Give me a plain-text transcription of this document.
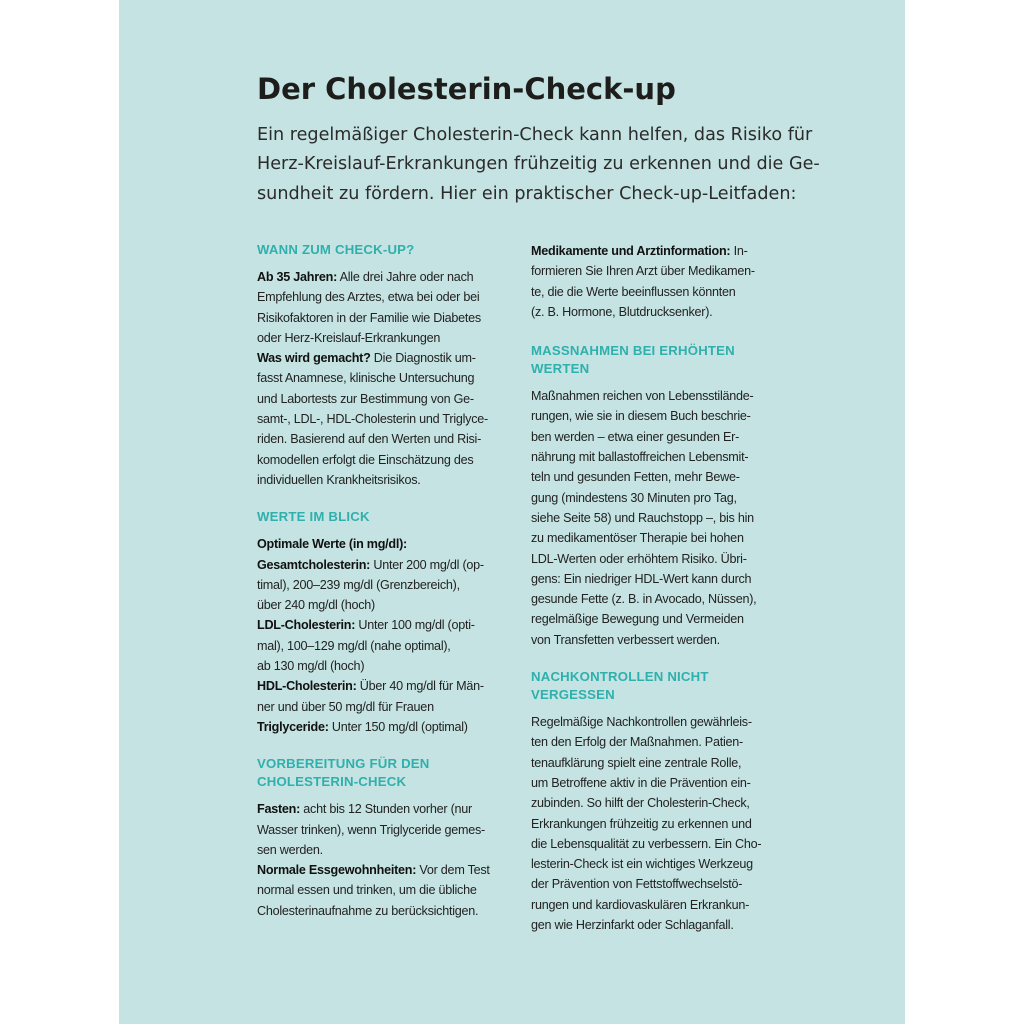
Der Cholesterin-Check-up

Ein regelmäßiger Cholesterin-Check kann helfen, das Risiko für
Herz-Kreislauf-Erkrankungen frühzeitig zu erkennen und die Ge-
sundheit zu fördern. Hier ein praktischer Check-up-Leitfaden:

WANN ZUM CHECK-UP?

Ab 35 Jahren: Alle drei Jahre oder nach
Empfehlung des Arztes, etwa bei oder bei
Risikofaktoren in der Familie wie Diabetes
oder Herz-Kreislauf-Erkrankungen
Was wird gemacht? Die Diagnostik um-
fasst Anamnese, klinische Untersuchung
und Labortests zur Bestimmung von Ge-
samt-, LDL-, HDL-Cholesterin und Triglyce-
riden. Basierend auf den Werten und Risi-
komodellen erfolgt die Einschätzung des
individuellen Krankheitsrisikos.

WERTE IM BLICK

Optimale Werte (in mg/dl):
Gesamtcholesterin: Unter 200 mg/dl (op-
timal), 200–239 mg/dl (Grenzbereich),
über 240 mg/dl (hoch)
LDL-Cholesterin: Unter 100 mg/dl (opti-
mal), 100–129 mg/dl (nahe optimal),
ab 130 mg/dl (hoch)
HDL-Cholesterin: Über 40 mg/dl für Män-
ner und über 50 mg/dl für Frauen
Triglyceride: Unter 150 mg/dl (optimal)

VORBEREITUNG FÜR DEN
CHOLESTERIN-CHECK

Fasten: acht bis 12 Stunden vorher (nur
Wasser trinken), wenn Triglyceride gemes-
sen werden.
Normale Essgewohnheiten: Vor dem Test
normal essen und trinken, um die übliche
Cholesterinaufnahme zu berücksichtigen.

Medikamente und Arztinformation: In-
formieren Sie Ihren Arzt über Medikamen-
te, die die Werte beeinflussen könnten
(z. B. Hormone, Blutdrucksenker).

MASSNAHMEN BEI ERHÖHTEN
WERTEN

Maßnahmen reichen von Lebensstilände-
rungen, wie sie in diesem Buch beschrie-
ben werden – etwa einer gesunden Er-
nährung mit ballastoffreichen Lebensmit-
teln und gesunden Fetten, mehr Bewe-
gung (mindestens 30 Minuten pro Tag,
siehe Seite 58) und Rauchstopp –, bis hin
zu medikamentöser Therapie bei hohen
LDL-Werten oder erhöhtem Risiko. Übri-
gens: Ein niedriger HDL-Wert kann durch
gesunde Fette (z. B. in Avocado, Nüssen),
regelmäßige Bewegung und Vermeiden
von Transfetten verbessert werden.

NACHKONTROLLEN NICHT
VERGESSEN

Regelmäßige Nachkontrollen gewährleis-
ten den Erfolg der Maßnahmen. Patien-
tenaufklärung spielt eine zentrale Rolle,
um Betroffene aktiv in die Prävention ein-
zubinden. So hilft der Cholesterin-Check,
Erkrankungen frühzeitig zu erkennen und
die Lebensqualität zu verbessern. Ein Cho-
lesterin-Check ist ein wichtiges Werkzeug
der Prävention von Fettstoffwechselstö-
rungen und kardiovaskulären Erkrankun-
gen wie Herzinfarkt oder Schlaganfall.
